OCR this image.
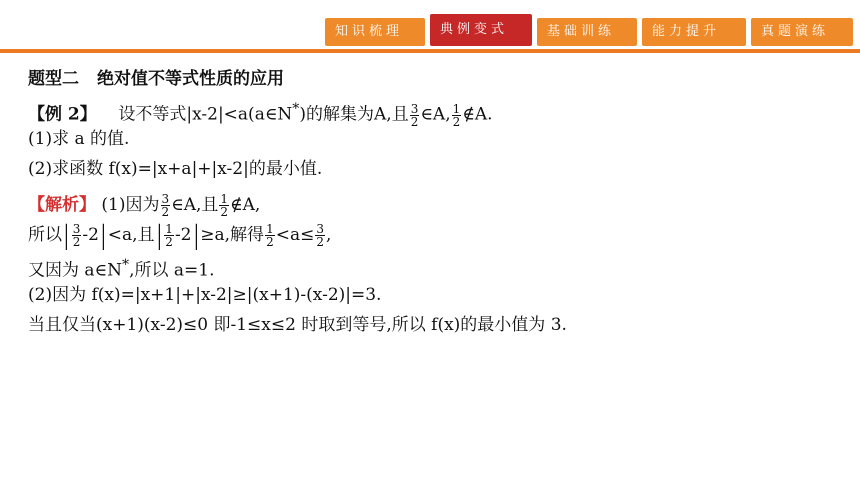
知识梳理	典例变式	基础训练	能力提升	真题演练
题型二 绝对值不等式性质的应用
【例 2】 设不等式|x-2|<a(a∈N*)的解集为A,且 $\frac{3}{2}$ ∈A, $\frac{1}{2}$ ∉A.
(1)求 a 的值.
(2)求函数 f(x)=|x+a|+|x-2|的最小值.
【解析】 (1)因为 $\frac{3}{2}$ ∈A,且 $\frac{1}{2}$ ∉A,
所以| $\frac{3}{2} -2| <a$,且| $\frac{1}{2} -2| \ge a$,解得 $\frac{1}{2} <a\le \frac{3}{2}$ ,
又因为 a∈N*,所以 a=1.
(2)因为 f(x)=|x+1|+|x-2|≥|(x+1)-(x-2)|=3.
当且仅当(x+1)(x-2)≤0 即-1≤x≤2 时取到等号,所以 f(x)的最小值为 3.
